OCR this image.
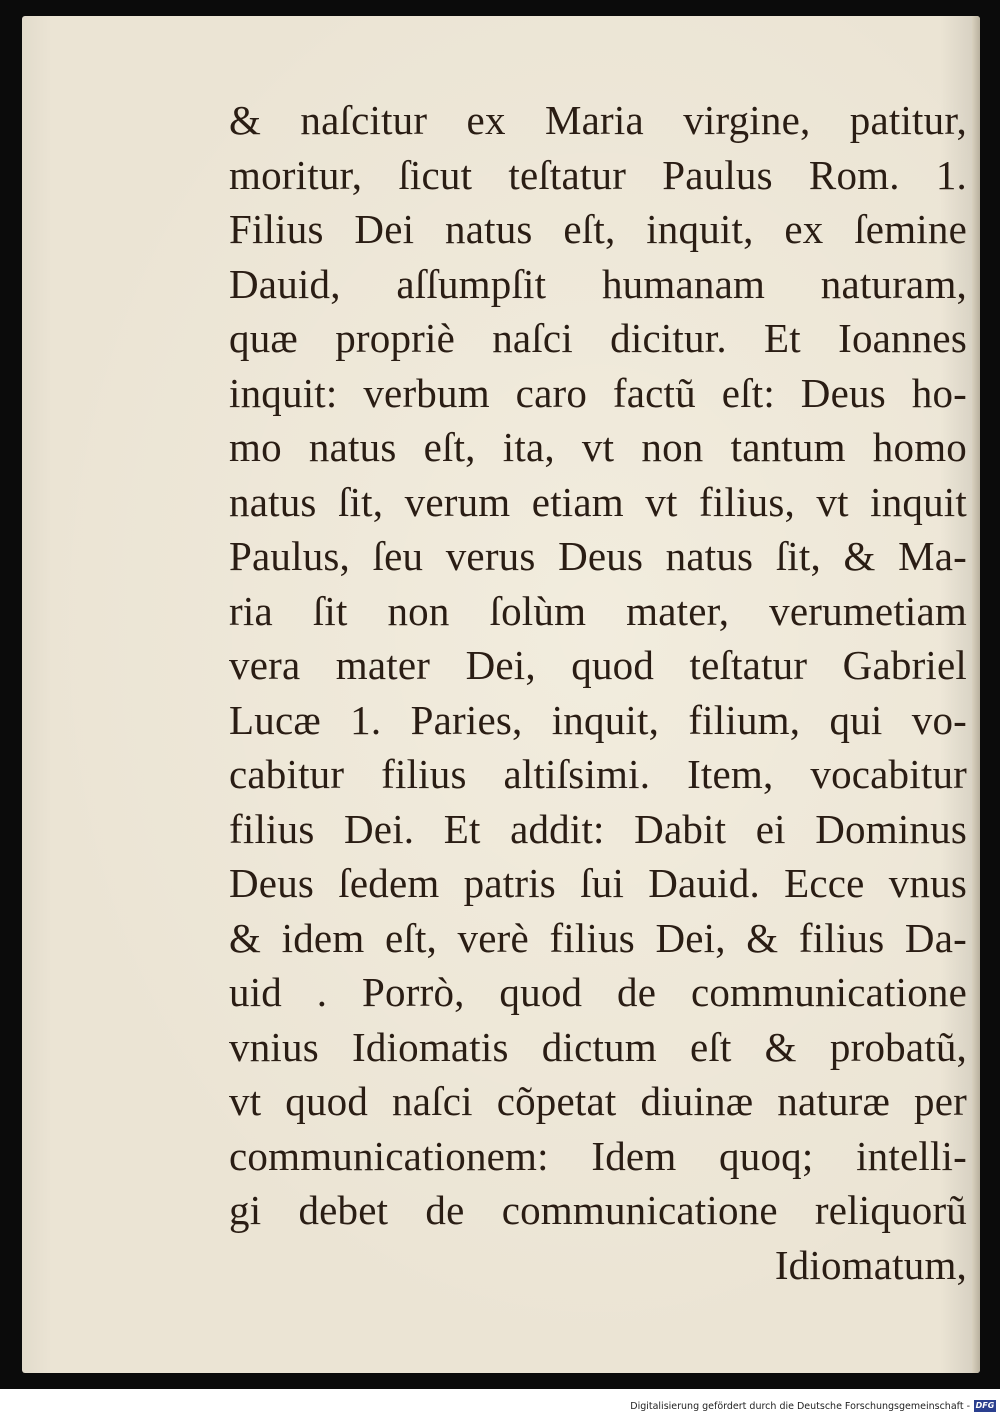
& naſcitur ex Maria virgine, patitur,
moritur, ſicut teſtatur Paulus Rom. 1.
Filius Dei natus eſt, inquit, ex ſemine
Dauid, aſſumpſit humanam naturam,
quæ propriè naſci dicitur. Et Ioannes
inquit: verbum caro factũ eſt: Deus ho-
mo natus eſt, ita, vt non tantum homo
natus ſit, verum etiam vt filius, vt inquit
Paulus, ſeu verus Deus natus ſit, & Ma-
ria ſit non ſolùm mater, verumetiam
vera mater Dei, quod teſtatur Gabriel
Lucæ 1. Paries, inquit, filium, qui vo-
cabitur filius altiſsimi. Item, vocabitur
filius Dei. Et addit: Dabit ei Dominus
Deus ſedem patris ſui Dauid. Ecce vnus
& idem eſt, verè filius Dei, & filius Da-
uid . Porrò, quod de communicatione
vnius Idiomatis dictum eſt & probatũ,
vt quod naſci cõpetat diuinæ naturæ per
communicationem: Idem quoq; intelli-
gi debet de communicatione reliquorũ
Idiomatum,
Digitalisierung gefördert durch die Deutsche Forschungsgemeinschaft - DFG
